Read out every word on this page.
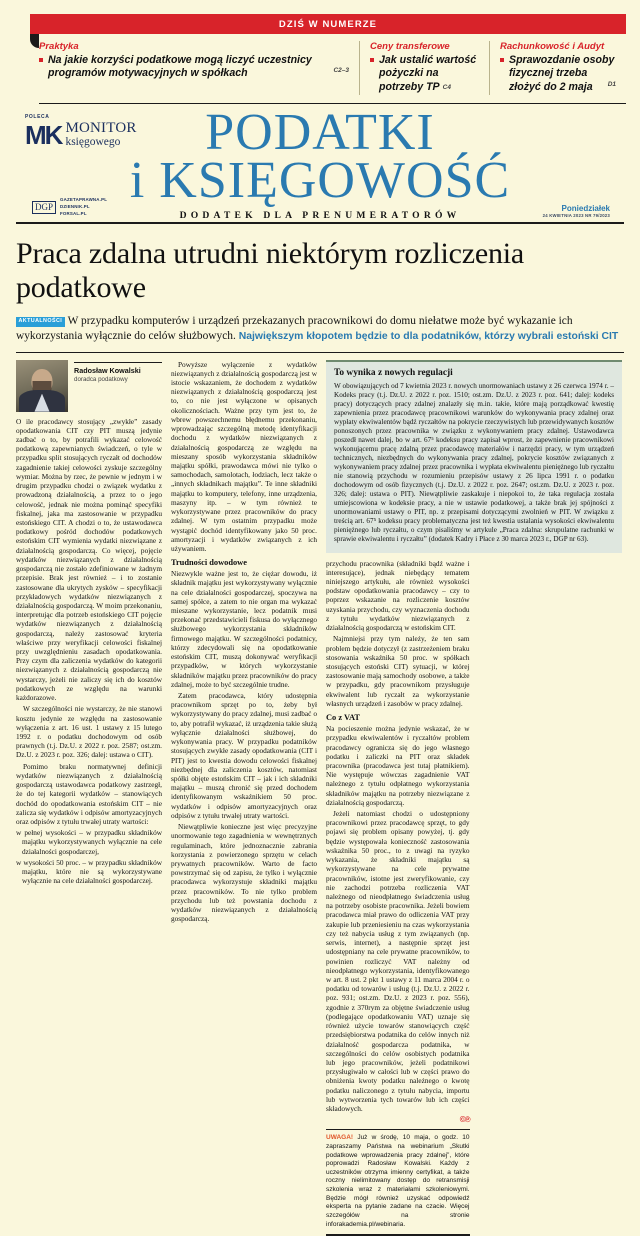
DZIŚ W NUMERZE
Praktyka
Na jakie korzyści podatkowe mogą liczyć uczestnicy programów motywacyjnych w spółkach	C2–3
Ceny transferowe
Jak ustalić wartość pożyczki na potrzeby TP C4
Rachunkowość i Audyt
Sprawozdanie osoby fizycznej trzeba złożyć do 2 maja	D1
POLECA
MK MONITOR
księgowego	PODATKI
i KSIĘGOWOŚĆ
DODATEK DLA PRENUMERATORÓW
DGP
GAZETAPRAWNA.PL
DZIENNIK.PL
FORSAL.PL	Poniedziałek
24 KWIETNIA 2023 NR 79/2023
Praca zdalna utrudni niektórym rozliczenia podatkowe

AKTUALNOŚCI W przypadku komputerów i urządzeń przekazanych pracownikowi do domu niełatwe może być wykazanie ich wykorzystania wyłącznie do celów służbowych. Największym kłopotem będzie to dla podatników, którzy wybrali estoński CIT

Radosław Kowalski
doradca podatkowy

O ile pracodawcy stosujący „zwykłe” zasady opodatkowania CIT czy PIT muszą jedynie zadbać o to, by potrafili wykazać celowość podatkową zapewnianych świadczeń, o tyle w przypadku split stosujących ryczałt od dochodów zagadnienie takiej celowości zyskuje szczególny wymiar. Można by rzec, że pewnie w jednym i w drugim przypadku chodzi o związek wydatku z prowadzoną działalnością, a przez to o jego celowość, jednak nie można pominąć specyfiki fiskalnej, jaka ma zastosowanie w przypadku estońskiego CIT. A chodzi o to, że ustawodawca podatkowy pośród dochodów podatkowych estońskim CIT wymienia wydatki niezwiązane z działalnością gospodarczą. Co więcej, pojęcie wydatków niezwiązanych z działalnością gospodarczą nie zostało zdefiniowane w żadnym przepisie. Brak jest również – i to zostanie zastosowane dla ukrytych zysków – specyfikacji przykładowych wydatków niezwiązanych z działalnością gospodarczą. W moim przekonaniu, interpretując dla potrzeb estońskiego CIT pojęcie wydatków niezwiązanych z działalnością gospodarczą, należy zastosować kryteria właściwe przy weryfikacji celowości fiskalnej przy uwzględnieniu zasadach opodatkowania. Przy czym dla zaliczenia wydatków do kategorii niezwiązanych z działalnością gospodarczą nie wystarczy, jeżeli nie zaliczy się ich do kosztów podatkowych ze względu na warunki każdorazowe.

W szczególności nie wystarczy, że nie stanowi kosztu jedynie ze względu na zastosowanie wyłączenia z art. 16 ust. 1 ustawy z 15 lutego 1992 r. o podatku dochodowym od osób prawnych (t.j. Dz.U. z 2022 r. poz. 2587; ost.zm. Dz.U. z 2023 r. poz. 326; dalej: ustawa o CIT).

Pomimo braku normatywnej definicji wydatków niezwiązanych z działalnością gospodarczą ustawodawca podatkowy zastrzegł, że do tej kategorii wydatków – stanowiących dochód do opodatkowania estońskim CIT – nie zalicza się wydatków i odpisów amortyzacyjnych oraz odpisów z tytułu trwałej utraty wartości:

w pełnej wysokości – w przypadku składników majątku wykorzystywanych wyłącznie na cele działalności gospodarczej,

w wysokości 50 proc. – w przypadku składników majątku, które nie są wykorzystywane wyłącznie na cele działalności gospodarczej.

Powyższe wyłączenie z wydatków niezwiązanych z działalnością gospodarczą jest w istocie wskazaniem, że dochodem z wydatków niezwiązanych z działalnością gospodarczą jest to, co nie jest wyłączone w opisanych okolicznościach. Ważne przy tym jest to, że wbrew powszechnemu błędnemu przekonaniu, wprowadzając szczególną metodę identyfikacji dochodu z wydatków niezwiązanych z działalnością gospodarczą ze względu na mieszany sposób wykorzystania składników majątku spółki, prawodawca mówi nie tylko o samochodach, samolotach, łodziach, lecz także o „innych składnikach majątku”. Te inne składniki majątku to komputery, telefony, inne urządzenia, maszyny itp. – w tym również te wykorzystywane przez pracowników do pracy zdalnej. W tym ostatnim przypadku może wystąpić dochód identyfikowany jako 50 proc. amortyzacji i wydatków związanych z ich używaniem.

Trudności dowodowe

Niezwykle ważne jest to, że ciężar dowodu, iż składnik majątku jest wykorzystywany wyłącznie na cele działalności gospodarczej, spoczywa na samej spółce, a zatem to nie organ ma wykazać mieszane wykorzystanie, lecz podatnik musi przekonać przedstawicieli fiskusa do wyłącznego służbowego wykorzystania składników firmowego majątku. W szczególności podatnicy, którzy zdecydowali się na opodatkowanie estońskim CIT, muszą dokonywać weryfikacji przypadków, w których wykorzystanie składników majątku przez pracowników do pracy zdalnej, może to być szczególnie trudne.

Zatem pracodawca, który udostępnia pracownikom sprzęt po to, żeby był wykorzystywany do pracy zdalnej, musi zadbać o to, aby potrafił wykazać, iż urządzenia takie służą wyłącznie działalności służbowej, do wykonywania pracy. W przypadku podatników stosujących zwykłe zasady opodatkowania (CIT i PIT) jest to kwestia dowodu celowości fiskalnej niezbędnej dla zaliczenia kosztów, natomiast spółki objęte estońskim CIT – jak i ich składniki majątku – muszą chronić się przed dochodem identyfikowanym wskaźnikiem 50 proc. wydatków i odpisów amortyzacyjnych oraz odpisów z tytułu trwałej utraty wartości.

Niewątpliwie konieczne jest więc precyzyjne unormowanie tego zagadnienia w wewnętrznych regulaminach, które jednoznacznie zabrania korzystania z powierzonego sprzętu w celach prywatnych pracowników. Warto de facto powstrzymać się od zapisu, że tylko i wyłącznie pracodawca wykorzystuje składniki majątku przez pracowników. To nie tylko problem przychodu lub też powstania dochodu z wydatków niezwiązanych z działalnością gospodarczą.

To wynika z nowych regulacji

W obowiązujących od 7 kwietnia 2023 r. nowych unormowaniach ustawy z 26 czerwca 1974 r. – Kodeks pracy (t.j. Dz.U. z 2022 r. poz. 1510; ost.zm. Dz.U. z 2023 r. poz. 641; dalej: kodeks pracy) dotyczących pracy zdalnej znalazły się m.in. takie, które mają porządkować kwestię zapewnienia przez pracodawcę pracownikowi warunków do wykonywania pracy zdalnej oraz wypłaty ekwiwalentów bądź ryczałtów na pokrycie rzeczywistych lub przewidywanych kosztów ponoszonych przez pracownika w związku z wykonywaniem pracy zdalnej. Ustawodawca poszedł nawet dalej, bo w art. 67⁵ kodeksu pracy zapisał wprost, że zapewnienie pracownikowi wykonującemu pracę zdalną przez pracodawcę materiałów i narzędzi pracy, w tym urządzeń technicznych, niezbędnych do wykonywania pracy zdalnej, pokrycie kosztów związanych z wykonywaniem pracy zdalnej przez pracownika i wypłata ekwiwalentu pieniężnego lub ryczałtu nie stanowią przychodu w rozumieniu przepisów ustawy z 26 lipca 1991 r. o podatku dochodowym od osób fizycznych (t.j. Dz.U. z 2022 r. poz. 2647; ost.zm. Dz.U. z 2023 r. poz. 326; dalej: ustawa o PIT). Niewątpliwie zaskakuje i niepokoi to, że taka regulacja została umiejscowiona w kodeksie pracy, a nie w ustawie podatkowej, a także brak jej spójności z unormowaniami ustawy o PIT, np. z przepisami dotyczącymi zwolnień w PIT. W związku z treścią art. 67⁵ kodeksu pracy problematyczna jest też kwestia ustalania wysokości ekwiwalentu pieniężnego lub ryczałtu, o czym pisaliśmy w artykule „Praca zdalna: skrupulatne rachunki w sprawie ekwiwalentu i ryczałtu” (dodatek Kadry i Płace z 30 marca 2023 r., DGP nr 63).

przychodu pracownika (składniki bądź ważne i interesujące), jednak niebędący tematem niniejszego artykułu, ale również wysokości podstaw opodatkowania pracodawcy – czy to poprzez wskazanie na rozliczenie kosztów uzyskania przychodu, czy wyznaczenia dochodu z tytułu wydatków niezwiązanych z działalnością gospodarczą w estońskim CIT.

Najmniejsi przy tym należy, że ten sam problem będzie dotyczył (z zastrzeżeniem braku stosowania wskaźnika 50 proc. w spółkach stosujących estoński CIT) sytuacji, w której zastosowanie mają samochody osobowe, a także w przypadku, gdy pracownikom przysługuje ekwiwalent lub ryczałt za wykorzystanie własnych urządzeń i zasobów w pracy zdalnej.

Co z VAT

Na pocieszenie można jedynie wskazać, że w przypadku ekwiwalentów i ryczałtów problem pracodawcy ogranicza się do jego własnego podatku i zaliczki na PIT oraz składek pracownika (pracodawca jest tutaj płatnikiem). Nie występuje wówczas zagadnienie VAT należnego z tytułu odpłatnego wykorzystania składników majątku na potrzeby niezwiązane z działalnością gospodarczą.

Jeżeli natomiast chodzi o udostępniony pracownikowi przez pracodawcę sprzęt, to gdy pojawi się problem opisany powyżej, tj. gdy będzie występowała konieczność zastosowania wskaźnika 50 proc., to z uwagi na ryzyko wykazania, że składniki majątku są wykorzystywane na cele prywatne pracowników, istotne jest zweryfikowanie, czy nie zachodzi potrzeba rozliczenia VAT należnego od nieodpłatnego świadczenia usług na potrzeby osobiste pracownika. Jeżeli bowiem pracodawca miał prawo do odliczenia VAT przy zakupie lub przeniesieniu na czas wykorzystania czy też nabycia usług z tym związanych (np. serwis, internet), a następnie sprzęt jest udostępniany na cele prywatne pracowników, to powinien rozliczyć VAT należny od nieodpłatnego wykorzystania, identyfikowanego w art. 8 ust. 2 pkt 1 ustawy z 11 marca 2004 r. o podatku od towarów i usług (t.j. Dz.U. z 2022 r. poz. 931; ost.zm. Dz.U. z 2023 r. poz. 556), zgodnie z 370rym za objętne świadczenie usług (podlegające opodatkowaniu VAT) uznaje się również użycie towarów stanowiących część przedsiębiorstwa podatnika do celów innych niż działalność gospodarcza podatnika, w szczególności do celów osobistych podatnika lub jego pracowników, jeżeli podatnikowi przysługiwało w całości lub w części prawo do obniżenia kwoty podatku należnego o kwotę podatku naliczonego z tytułu nabycia, importu lub wytworzenia tych towarów lub ich części składowych.

©℗

UWAGA! Już w środę, 10 maja, o godz. 10 zapraszamy Państwa na webinarium „Skutki podatkowe wprowadzenia pracy zdalnej”, które poprowadzi Radosław Kowalski. Każdy z uczestników otrzyma imienny certyfikat, a także roczny nielimitowany dostęp do retransmisji szkolenia wraz z materiałami szkoleniowymi. Będzie mógł również uzyskać odpowiedź eksperta na pytanie zadane na czacie. Więcej szczegółów na stronie inforakademia.pl/webinaria.
